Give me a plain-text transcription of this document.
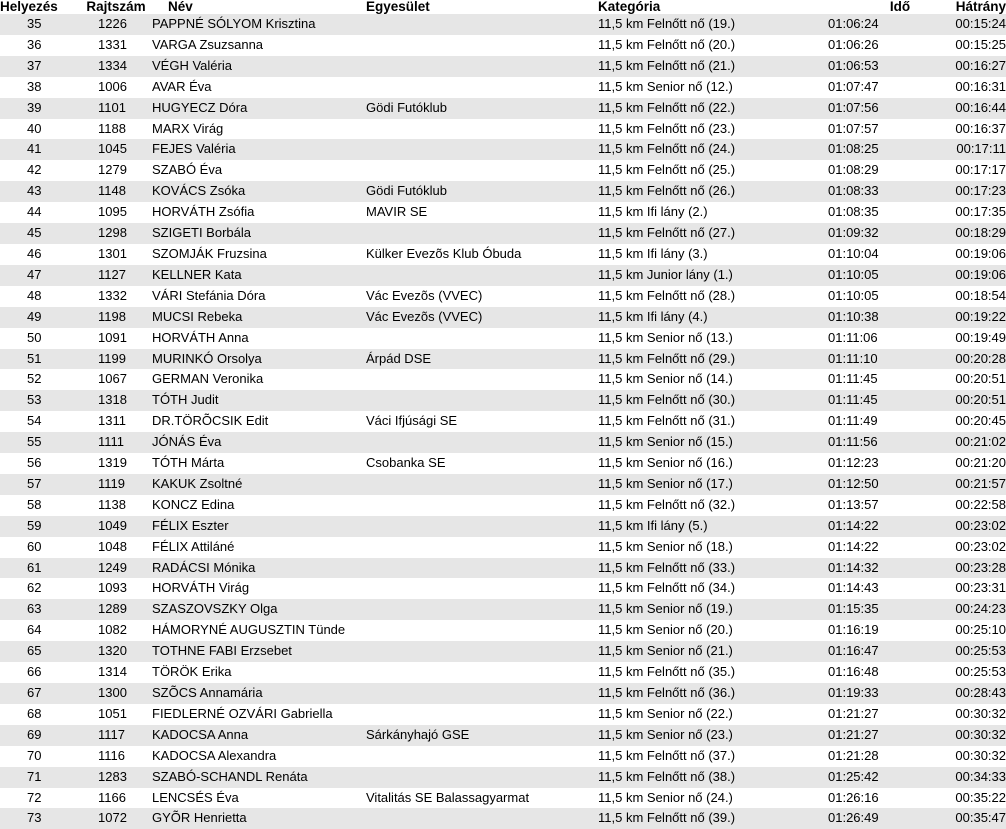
Helyezés	Rajtszám	Név	Egyesület	Kategória	Idő	Hátrány
35	1226	PAPPNÉ SÓLYOM Krisztina		11,5 km Felnőtt nő (19.)	01:06:24	00:15:24
36	1331	VARGA Zsuzsanna		11,5 km Felnőtt nő (20.)	01:06:26	00:15:25
37	1334	VÉGH Valéria		11,5 km Felnőtt nő (21.)	01:06:53	00:16:27
38	1006	AVAR Éva		11,5 km Senior nő (12.)	01:07:47	00:16:31
39	1101	HUGYECZ Dóra	Gödi Futóklub	11,5 km Felnőtt nő (22.)	01:07:56	00:16:44
40	1188	MARX Virág		11,5 km Felnőtt nő (23.)	01:07:57	00:16:37
41	1045	FEJES Valéria		11,5 km Felnőtt nő (24.)	01:08:25	00:17:11
42	1279	SZABÓ Éva		11,5 km Felnőtt nő (25.)	01:08:29	00:17:17
43	1148	KOVÁCS Zsóka	Gödi Futóklub	11,5 km Felnőtt nő (26.)	01:08:33	00:17:23
44	1095	HORVÁTH Zsófia	MAVIR SE	11,5 km Ifi lány (2.)	01:08:35	00:17:35
45	1298	SZIGETI Borbála		11,5 km Felnőtt nő (27.)	01:09:32	00:18:29
46	1301	SZOMJÁK Fruzsina	Külker Evezõs Klub Óbuda	11,5 km Ifi lány (3.)	01:10:04	00:19:06
47	1127	KELLNER Kata		11,5 km Junior lány (1.)	01:10:05	00:19:06
48	1332	VÁRI Stefánia Dóra	Vác Evezõs (VVEC)	11,5 km Felnőtt nő (28.)	01:10:05	00:18:54
49	1198	MUCSI Rebeka	Vác Evezõs (VVEC)	11,5 km Ifi lány (4.)	01:10:38	00:19:22
50	1091	HORVÁTH Anna		11,5 km Senior nő (13.)	01:11:06	00:19:49
51	1199	MURINKÓ Orsolya	Árpád DSE	11,5 km Felnőtt nő (29.)	01:11:10	00:20:28
52	1067	GERMAN Veronika		11,5 km Senior nő (14.)	01:11:45	00:20:51
53	1318	TÓTH Judit		11,5 km Felnőtt nő (30.)	01:11:45	00:20:51
54	1311	DR.TÖRÕCSIK Edit	Váci Ifjúsági SE	11,5 km Felnőtt nő (31.)	01:11:49	00:20:45
55	1111	JÓNÁS Éva		11,5 km Senior nő (15.)	01:11:56	00:21:02
56	1319	TÓTH Márta	Csobanka SE	11,5 km Senior nő (16.)	01:12:23	00:21:20
57	1119	KAKUK Zsoltné		11,5 km Senior nő (17.)	01:12:50	00:21:57
58	1138	KONCZ Edina		11,5 km Felnőtt nő (32.)	01:13:57	00:22:58
59	1049	FÉLIX Eszter		11,5 km Ifi lány (5.)	01:14:22	00:23:02
60	1048	FÉLIX Attiláné		11,5 km Senior nő (18.)	01:14:22	00:23:02
61	1249	RADÁCSI Mónika		11,5 km Felnőtt nő (33.)	01:14:32	00:23:28
62	1093	HORVÁTH Virág		11,5 km Felnőtt nő (34.)	01:14:43	00:23:31
63	1289	SZASZOVSZKY Olga		11,5 km Senior nő (19.)	01:15:35	00:24:23
64	1082	HÁMORYNÉ AUGUSZTIN Tünde		11,5 km Senior nő (20.)	01:16:19	00:25:10
65	1320	TOTHNE FABI Erzsebet		11,5 km Senior nő (21.)	01:16:47	00:25:53
66	1314	TÖRÖK Erika		11,5 km Felnőtt nő (35.)	01:16:48	00:25:53
67	1300	SZÕCS Annamária		11,5 km Felnőtt nő (36.)	01:19:33	00:28:43
68	1051	FIEDLERNÉ OZVÁRI Gabriella		11,5 km Senior nő (22.)	01:21:27	00:30:32
69	1117	KADOCSA Anna	Sárkányhajó GSE	11,5 km Senior nő (23.)	01:21:27	00:30:32
70	1116	KADOCSA Alexandra		11,5 km Felnőtt nő (37.)	01:21:28	00:30:32
71	1283	SZABÓ-SCHANDL Renáta		11,5 km Felnőtt nő (38.)	01:25:42	00:34:33
72	1166	LENCSÉS Éva	Vitalitás SE Balassagyarmat	11,5 km Senior nő (24.)	01:26:16	00:35:22
73	1072	GYÕR Henrietta		11,5 km Felnőtt nő (39.)	01:26:49	00:35:47
